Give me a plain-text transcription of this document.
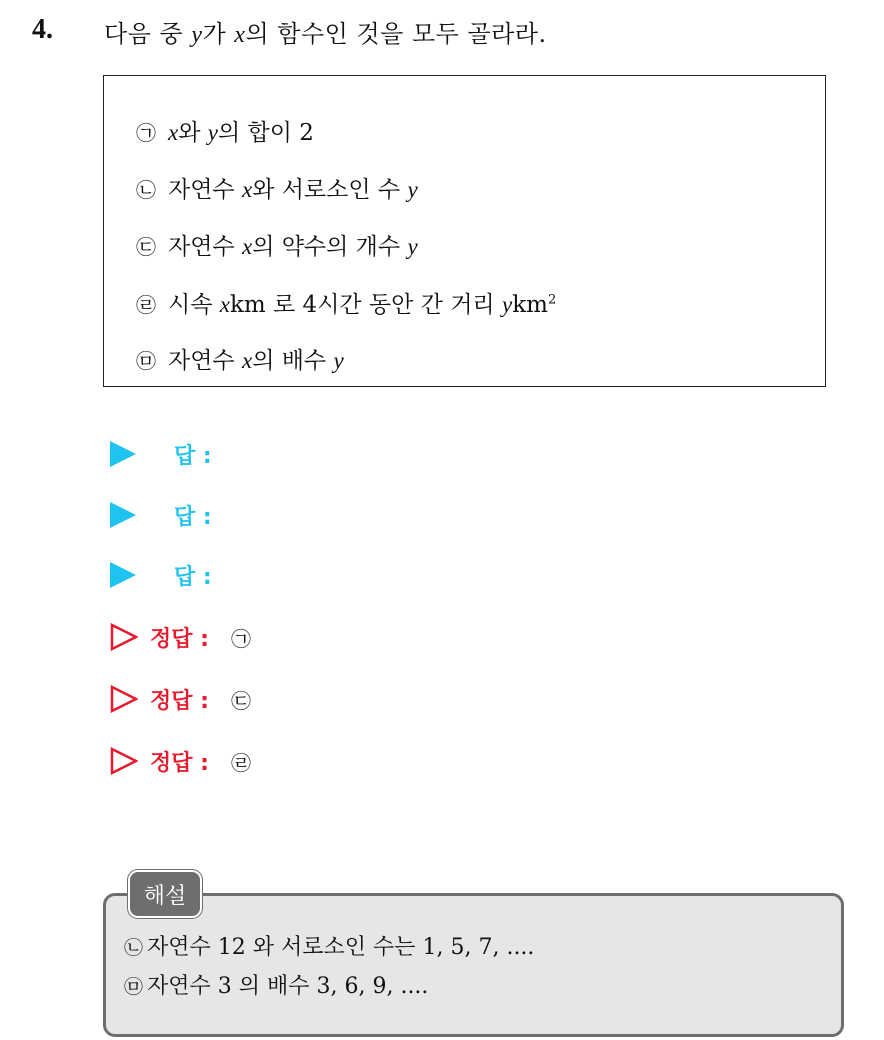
4. 다음 중 y가 x의 함수인 것을 모두 골라라.
㉠ x와 y의 합이 2
㉡ 자연수 x와 서로소인 수 y
㉢ 자연수 x의 약수의 개수 y
㉣ 시속 xkm 로 4시간 동안 간 거리 ykm$^2$
㉤ 자연수 x의 배수 y
답 :
답 :
답 :
정답 : ㉠
정답 : ㉢
정답 : ㉣
㉡ 자연수 12 와 서로소인 수는 1, 5, 7, ....
㉤ 자연수 3 의 배수 3, 6, 9, ....
해설
